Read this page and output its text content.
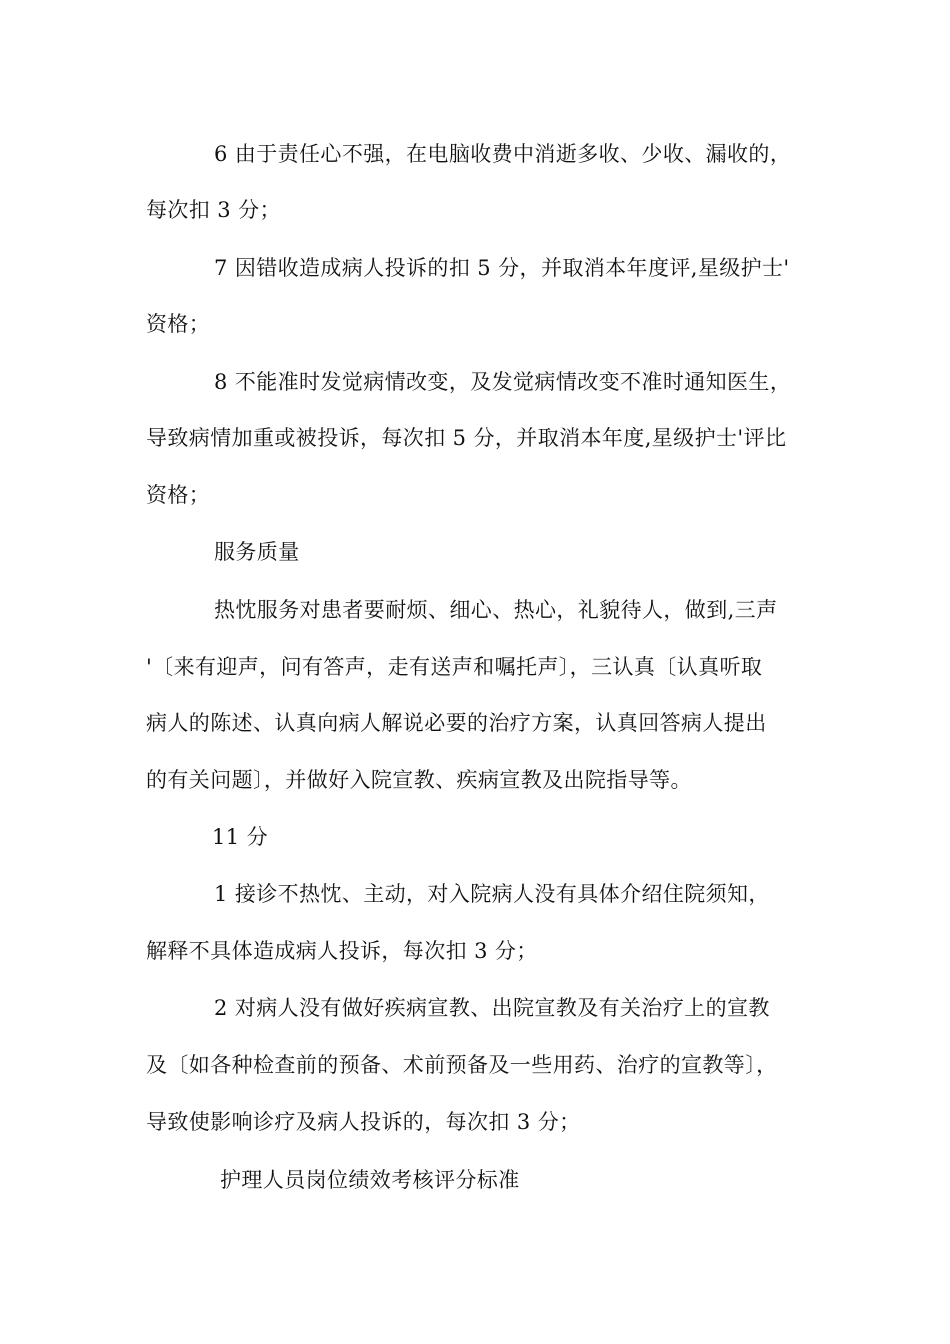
6 由于责任心不强，在电脑收费中消逝多收、少收、漏收的，
每次扣 3 分；
7 因错收造成病人投诉的扣 5 分，并取消本年度评,星级护士'
资格；
8 不能准时发觉病情改变，及发觉病情改变不准时通知医生，
导致病情加重或被投诉，每次扣 5 分，并取消本年度,星级护士'评比
资格；
服务质量
热忱服务对患者要耐烦、细心、热心，礼貌待人，做到,三声
'〔来有迎声，问有答声，走有送声和嘱托声〕，三认真〔认真听取
病人的陈述、认真向病人解说必要的治疗方案，认真回答病人提出
的有关问题〕，并做好入院宣教、疾病宣教及出院指导等。
11 分
1 接诊不热忱、主动，对入院病人没有具体介绍住院须知，
解释不具体造成病人投诉，每次扣 3 分；
2 对病人没有做好疾病宣教、出院宣教及有关治疗上的宣教
及〔如各种检查前的预备、术前预备及一些用药、治疗的宣教等〕，
导致使影响诊疗及病人投诉的，每次扣 3 分；
护理人员岗位绩效考核评分标准
